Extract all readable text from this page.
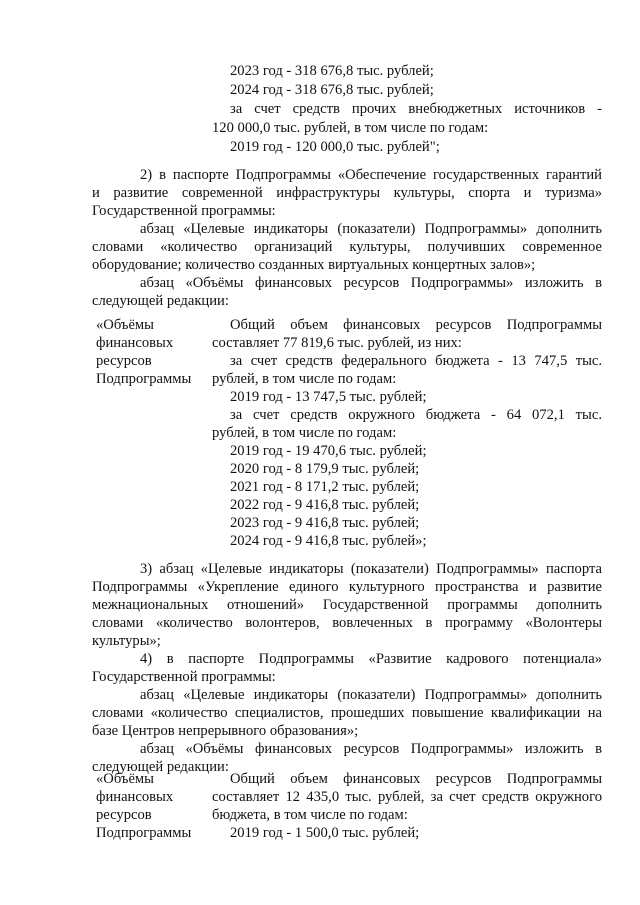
2023 год - 318 676,8 тыс. рублей;
2024 год - 318 676,8 тыс. рублей;
за счет средств прочих внебюджетных источников -
120 000,0 тыс. рублей, в том числе по годам:
2019 год - 120 000,0 тыс. рублей";
2) в паспорте Подпрограммы «Обеспечение государственных гарантий
и развитие современной инфраструктуры культуры, спорта и туризма»
Государственной программы:
абзац «Целевые индикаторы (показатели) Подпрограммы» дополнить
словами «количество организаций культуры, получивших современное
оборудование; количество созданных виртуальных концертных залов»;
абзац «Объёмы финансовых ресурсов Подпрограммы» изложить в
следующей редакции:
«Объёмы
финансовых
ресурсов
Подпрограммы
Общий объем финансовых ресурсов Подпрограммы
составляет 77 819,6 тыс. рублей, из них:
за счет средств федерального бюджета - 13 747,5 тыс.
рублей, в том числе по годам:
2019 год - 13 747,5 тыс. рублей;
за счет средств окружного бюджета - 64 072,1 тыс.
рублей, в том числе по годам:
2019 год - 19 470,6 тыс. рублей;
2020 год - 8 179,9 тыс. рублей;
2021 год - 8 171,2 тыс. рублей;
2022 год - 9 416,8 тыс. рублей;
2023 год - 9 416,8 тыс. рублей;
2024 год - 9 416,8 тыс. рублей»;
3) абзац «Целевые индикаторы (показатели) Подпрограммы» паспорта
Подпрограммы «Укрепление единого культурного пространства и развитие
межнациональных отношений» Государственной программы дополнить
словами «количество волонтеров, вовлеченных в программу «Волонтеры
культуры»;
4) в паспорте Подпрограммы «Развитие кадрового потенциала»
Государственной программы:
абзац «Целевые индикаторы (показатели) Подпрограммы» дополнить
словами «количество специалистов, прошедших повышение квалификации на
базе Центров непрерывного образования»;
абзац «Объёмы финансовых ресурсов Подпрограммы» изложить в
следующей редакции:
«Объёмы
финансовых
ресурсов
Подпрограммы
Общий объем финансовых ресурсов Подпрограммы
составляет 12 435,0 тыс. рублей, за счет средств окружного
бюджета, в том числе по годам:
2019 год - 1 500,0 тыс. рублей;
